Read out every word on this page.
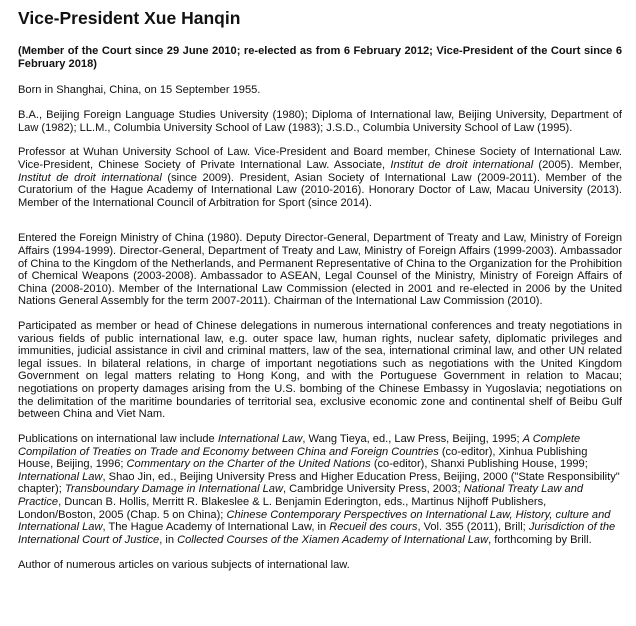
Vice-President Xue Hanqin

(Member of the Court since 29 June 2010; re-elected as from 6 February 2012; Vice-President of the Court since 6 February 2018)

Born in Shanghai, China, on 15 September 1955.

B.A., Beijing Foreign Language Studies University (1980); Diploma of International law, Beijing University, Department of Law (1982); LL.M., Columbia University School of Law (1983); J.S.D., Columbia University School of Law (1995).

Professor at Wuhan University School of Law. Vice-President and Board member, Chinese Society of International Law. Vice-President, Chinese Society of Private International Law. Associate, Institut de droit international (2005). Member, Institut de droit international (since 2009). President, Asian Society of International Law (2009-2011). Member of the Curatorium of the Hague Academy of International Law (2010-2016). Honorary Doctor of Law, Macau University (2013). Member of the International Council of Arbitration for Sport (since 2014).

Entered the Foreign Ministry of China (1980). Deputy Director-General, Department of Treaty and Law, Ministry of Foreign Affairs (1994-1999). Director-General, Department of Treaty and Law, Ministry of Foreign Affairs (1999-2003). Ambassador of China to the Kingdom of the Netherlands, and Permanent Representative of China to the Organization for the Prohibition of Chemical Weapons (2003-2008). Ambassador to ASEAN, Legal Counsel of the Ministry, Ministry of Foreign Affairs of China (2008-2010). Member of the International Law Commission (elected in 2001 and re-elected in 2006 by the United Nations General Assembly for the term 2007-2011). Chairman of the International Law Commission (2010).

Participated as member or head of Chinese delegations in numerous international conferences and treaty negotiations in various fields of public international law, e.g. outer space law, human rights, nuclear safety, diplomatic privileges and immunities, judicial assistance in civil and criminal matters, law of the sea, international criminal law, and other UN related legal issues. In bilateral relations, in charge of important negotiations such as negotiations with the United Kingdom Government on legal matters relating to Hong Kong, and with the Portuguese Government in relation to Macau; negotiations on property damages arising from the U.S. bombing of the Chinese Embassy in Yugoslavia; negotiations on the delimitation of the maritime boundaries of territorial sea, exclusive economic zone and continental shelf of Beibu Gulf between China and Viet Nam.

Publications on international law include International Law, Wang Tieya, ed., Law Press, Beijing, 1995; A Complete Compilation of Treaties on Trade and Economy between China and Foreign Countries (co-editor), Xinhua Publishing House, Beijing, 1996; Commentary on the Charter of the United Nations (co-editor), Shanxi Publishing House, 1999; International Law, Shao Jin, ed., Beijing University Press and Higher Education Press, Beijing, 2000 ("State Responsibility" chapter); Transboundary Damage in International Law, Cambridge University Press, 2003; National Treaty Law and Practice, Duncan B. Hollis, Merritt R. Blakeslee & L. Benjamin Ederington, eds., Martinus Nijhoff Publishers, London/Boston, 2005 (Chap. 5 on China); Chinese Contemporary Perspectives on International Law, History, culture and International Law, The Hague Academy of International Law, in Recueil des cours, Vol. 355 (2011), Brill; Jurisdiction of the International Court of Justice, in Collected Courses of the Xiamen Academy of International Law, forthcoming by Brill.

Author of numerous articles on various subjects of international law.
